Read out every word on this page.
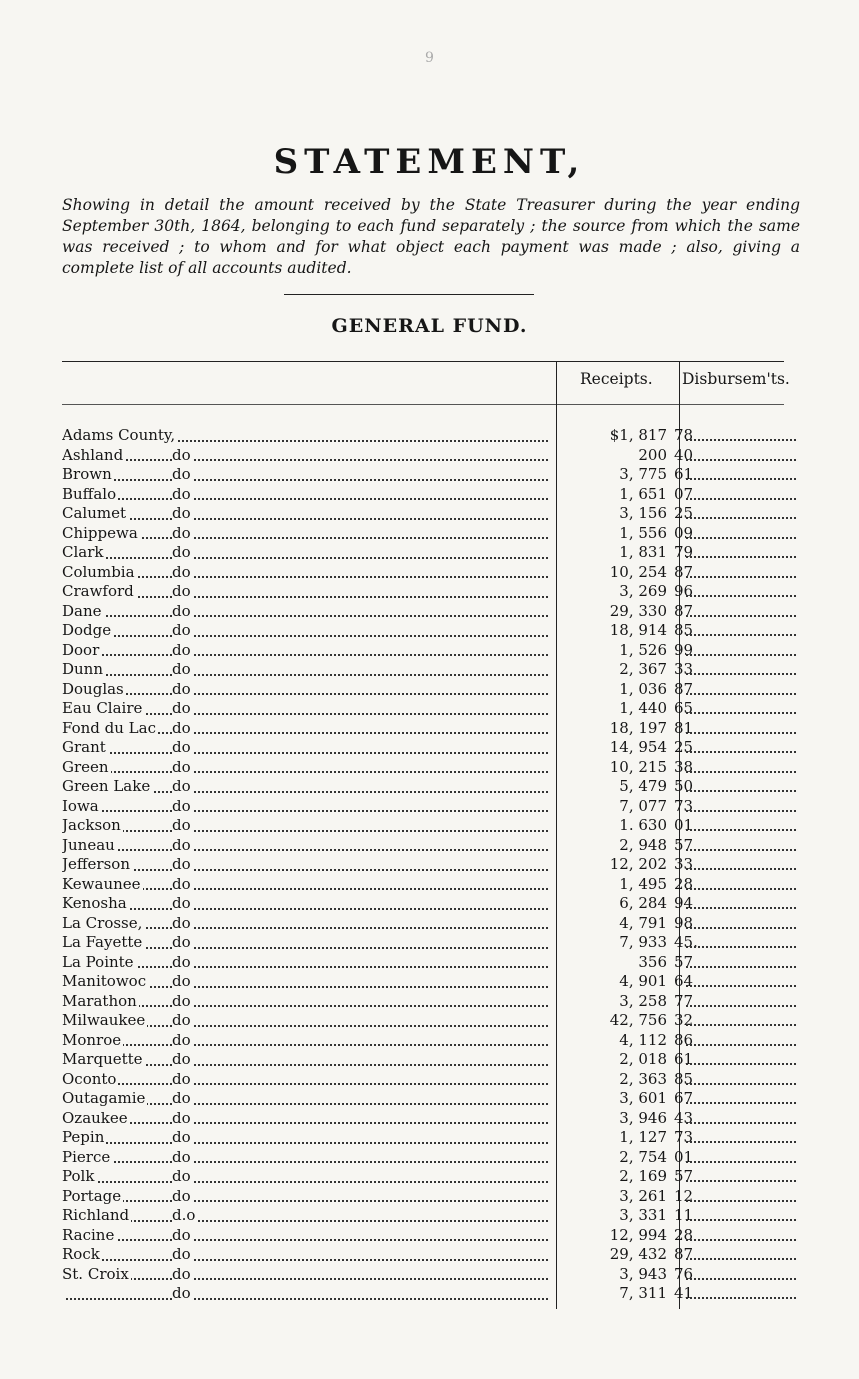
9
STATEMENT,
Showing in detail the amount received by the State Treasurer during the year ending September 30th, 1864, belonging to each fund separately ; the source from which the same was received ; to whom and for what object each payment was made ; also, giving a complete list of all accounts audited.
GENERAL FUND.
Receipts. Disbursem'ts.
Adams County,	$1, 817 78
Ashland	do	200 40
Brown	do	3, 775 61
Buffalo	do	1, 651 07
Calumet	do	3, 156 25
Chippewa do	1, 556 09
Clark	do	1, 831 79
Columbia do	10, 254 87
Crawford	do	3, 269 96
Dane	do	29, 330 87
Dodge	do	18, 914 85
Door	do	1, 526 99
Dunn	do	2, 367 33
Douglas	do	1, 036 87
Eau Claire do	1, 440 65
Fond du Lac do	18, 197 81
Grant	do	14, 954 25
Green	do	10, 215 38
Green Lake do	5, 479 50
Iowa	do	7, 077 73
Jackson	do	1. 630 01
Juneau	do	2, 948 57
Jefferson	do	12, 202 33
Kewaunee do	1, 495 28
Kenosha	do	6, 284 94
La Crosse, do	4, 791 98
La Fayette do	7, 933 45.
La Pointe	do	356 57
Manitowoc do	4, 901 64
Marathon do	3, 258 77
Milwaukee do	42, 756 32
Monroe	do	4, 112 86
Marquette do	2, 018 61
Oconto	do	2, 363 85
Outagamie do	3, 601 67
Ozaukee	do	3, 946 43
Pepin	do	1, 127 73
Pierce	do	2, 754 01
Polk	do	2, 169 57
Portage	do	3, 261 12
Richland	d.o	3, 331 11
Racine	do	12, 994 28
Rock	do	29, 432 87
St. Croix	do	3, 943 76
do	7, 311 41
